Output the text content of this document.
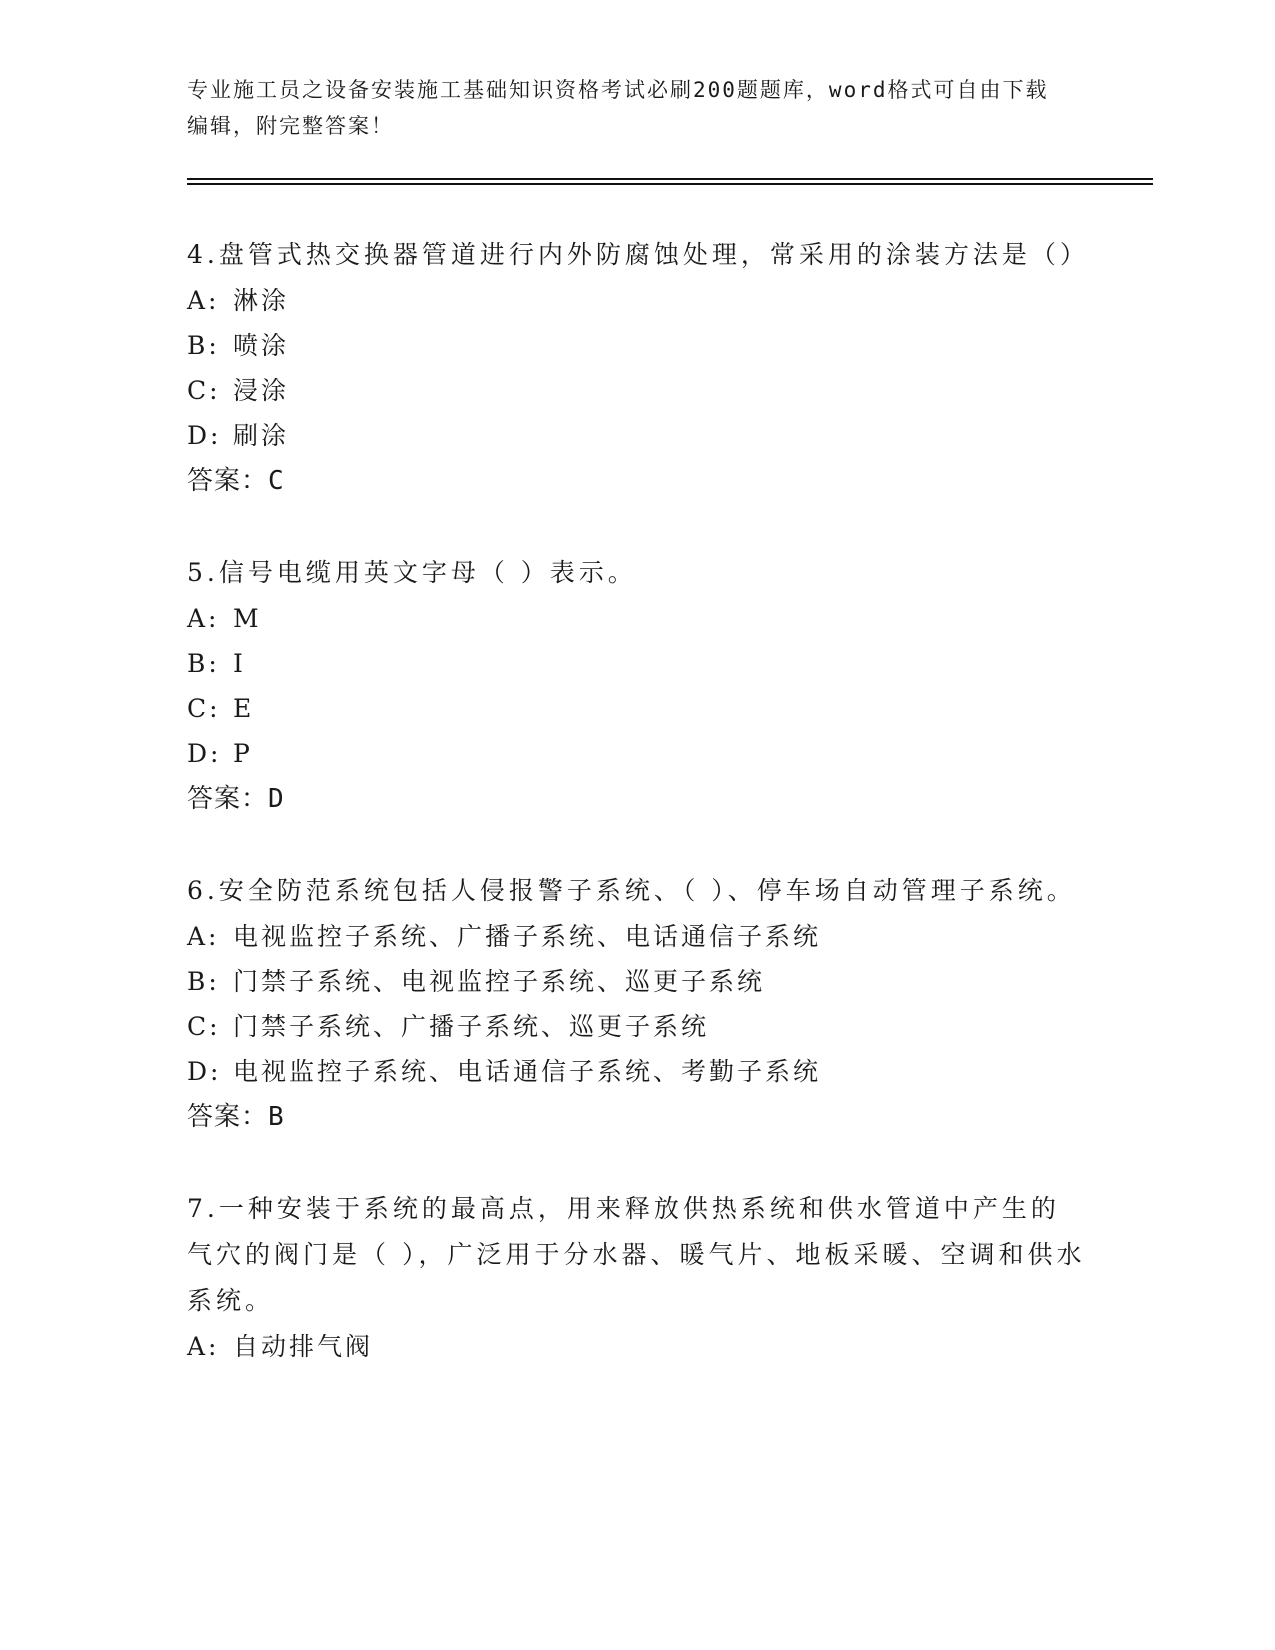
专业施工员之设备安装施工基础知识资格考试必刷200题题库，word格式可自由下载编辑，附完整答案！

4.盘管式热交换器管道进行内外防腐蚀处理，常采用的涂装方法是（）

A: 淋涂

B: 喷涂

C: 浸涂

D: 刷涂

答案：C

5.信号电缆用英文字母（ ）表示。

A: M

B: I

C: E

D: P

答案：D

6.安全防范系统包括人侵报警子系统、（ ）、停车场自动管理子系统。

A: 电视监控子系统、广播子系统、电话通信子系统

B: 门禁子系统、电视监控子系统、巡更子系统

C: 门禁子系统、广播子系统、巡更子系统

D: 电视监控子系统、电话通信子系统、考勤子系统

答案：B

7.一种安装于系统的最高点，用来释放供热系统和供水管道中产生的气穴的阀门是（ ），广泛用于分水器、暖气片、地板采暖、空调和供水系统。

A: 自动排气阀
